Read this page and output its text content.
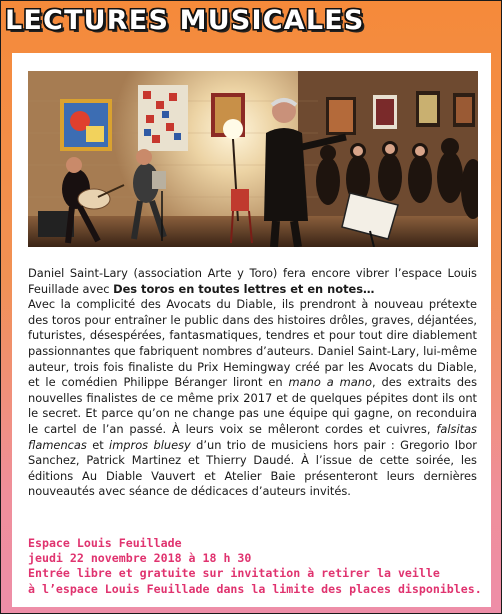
LECTURES MUSICALES

Daniel Saint-Lary (association Arte y Toro) fera encore vibrer l’espace Louis Feuillade avec Des toros en toutes lettres et en notes…

Avec la complicité des Avocats du Diable, ils prendront à nouveau prétexte des toros pour entraîner le public dans des histoires drôles, graves, déjantées, futuristes, désespérées, fantasmatiques, tendres et pour tout dire diablement passionnantes que fabriquent nombres d’auteurs. Daniel Saint-Lary, lui-même auteur, trois fois finaliste du Prix Hemingway créé par les Avocats du Diable, et le comédien Philippe Béranger liront en mano a mano, des extraits des nouvelles finalistes de ce même prix 2017 et de quelques pépites dont ils ont le secret. Et parce qu’on ne change pas une équipe qui gagne, on reconduira le cartel de l’an passé. À leurs voix se mêleront cordes et cuivres, falsitas flamencas et impros bluesy d’un trio de musiciens hors pair : Gregorio Ibor Sanchez, Patrick Martinez et Thierry Daudé. À l’issue de cette soirée, les éditions Au Diable Vauvert et Atelier Baie présenteront leurs dernières nouveautés avec séance de dédicaces d’auteurs invités.

Espace Louis Feuillade
jeudi 22 novembre 2018 à 18 h 30
Entrée libre et gratuite sur invitation à retirer la veille
à l’espace Louis Feuillade dans la limite des places disponibles.
